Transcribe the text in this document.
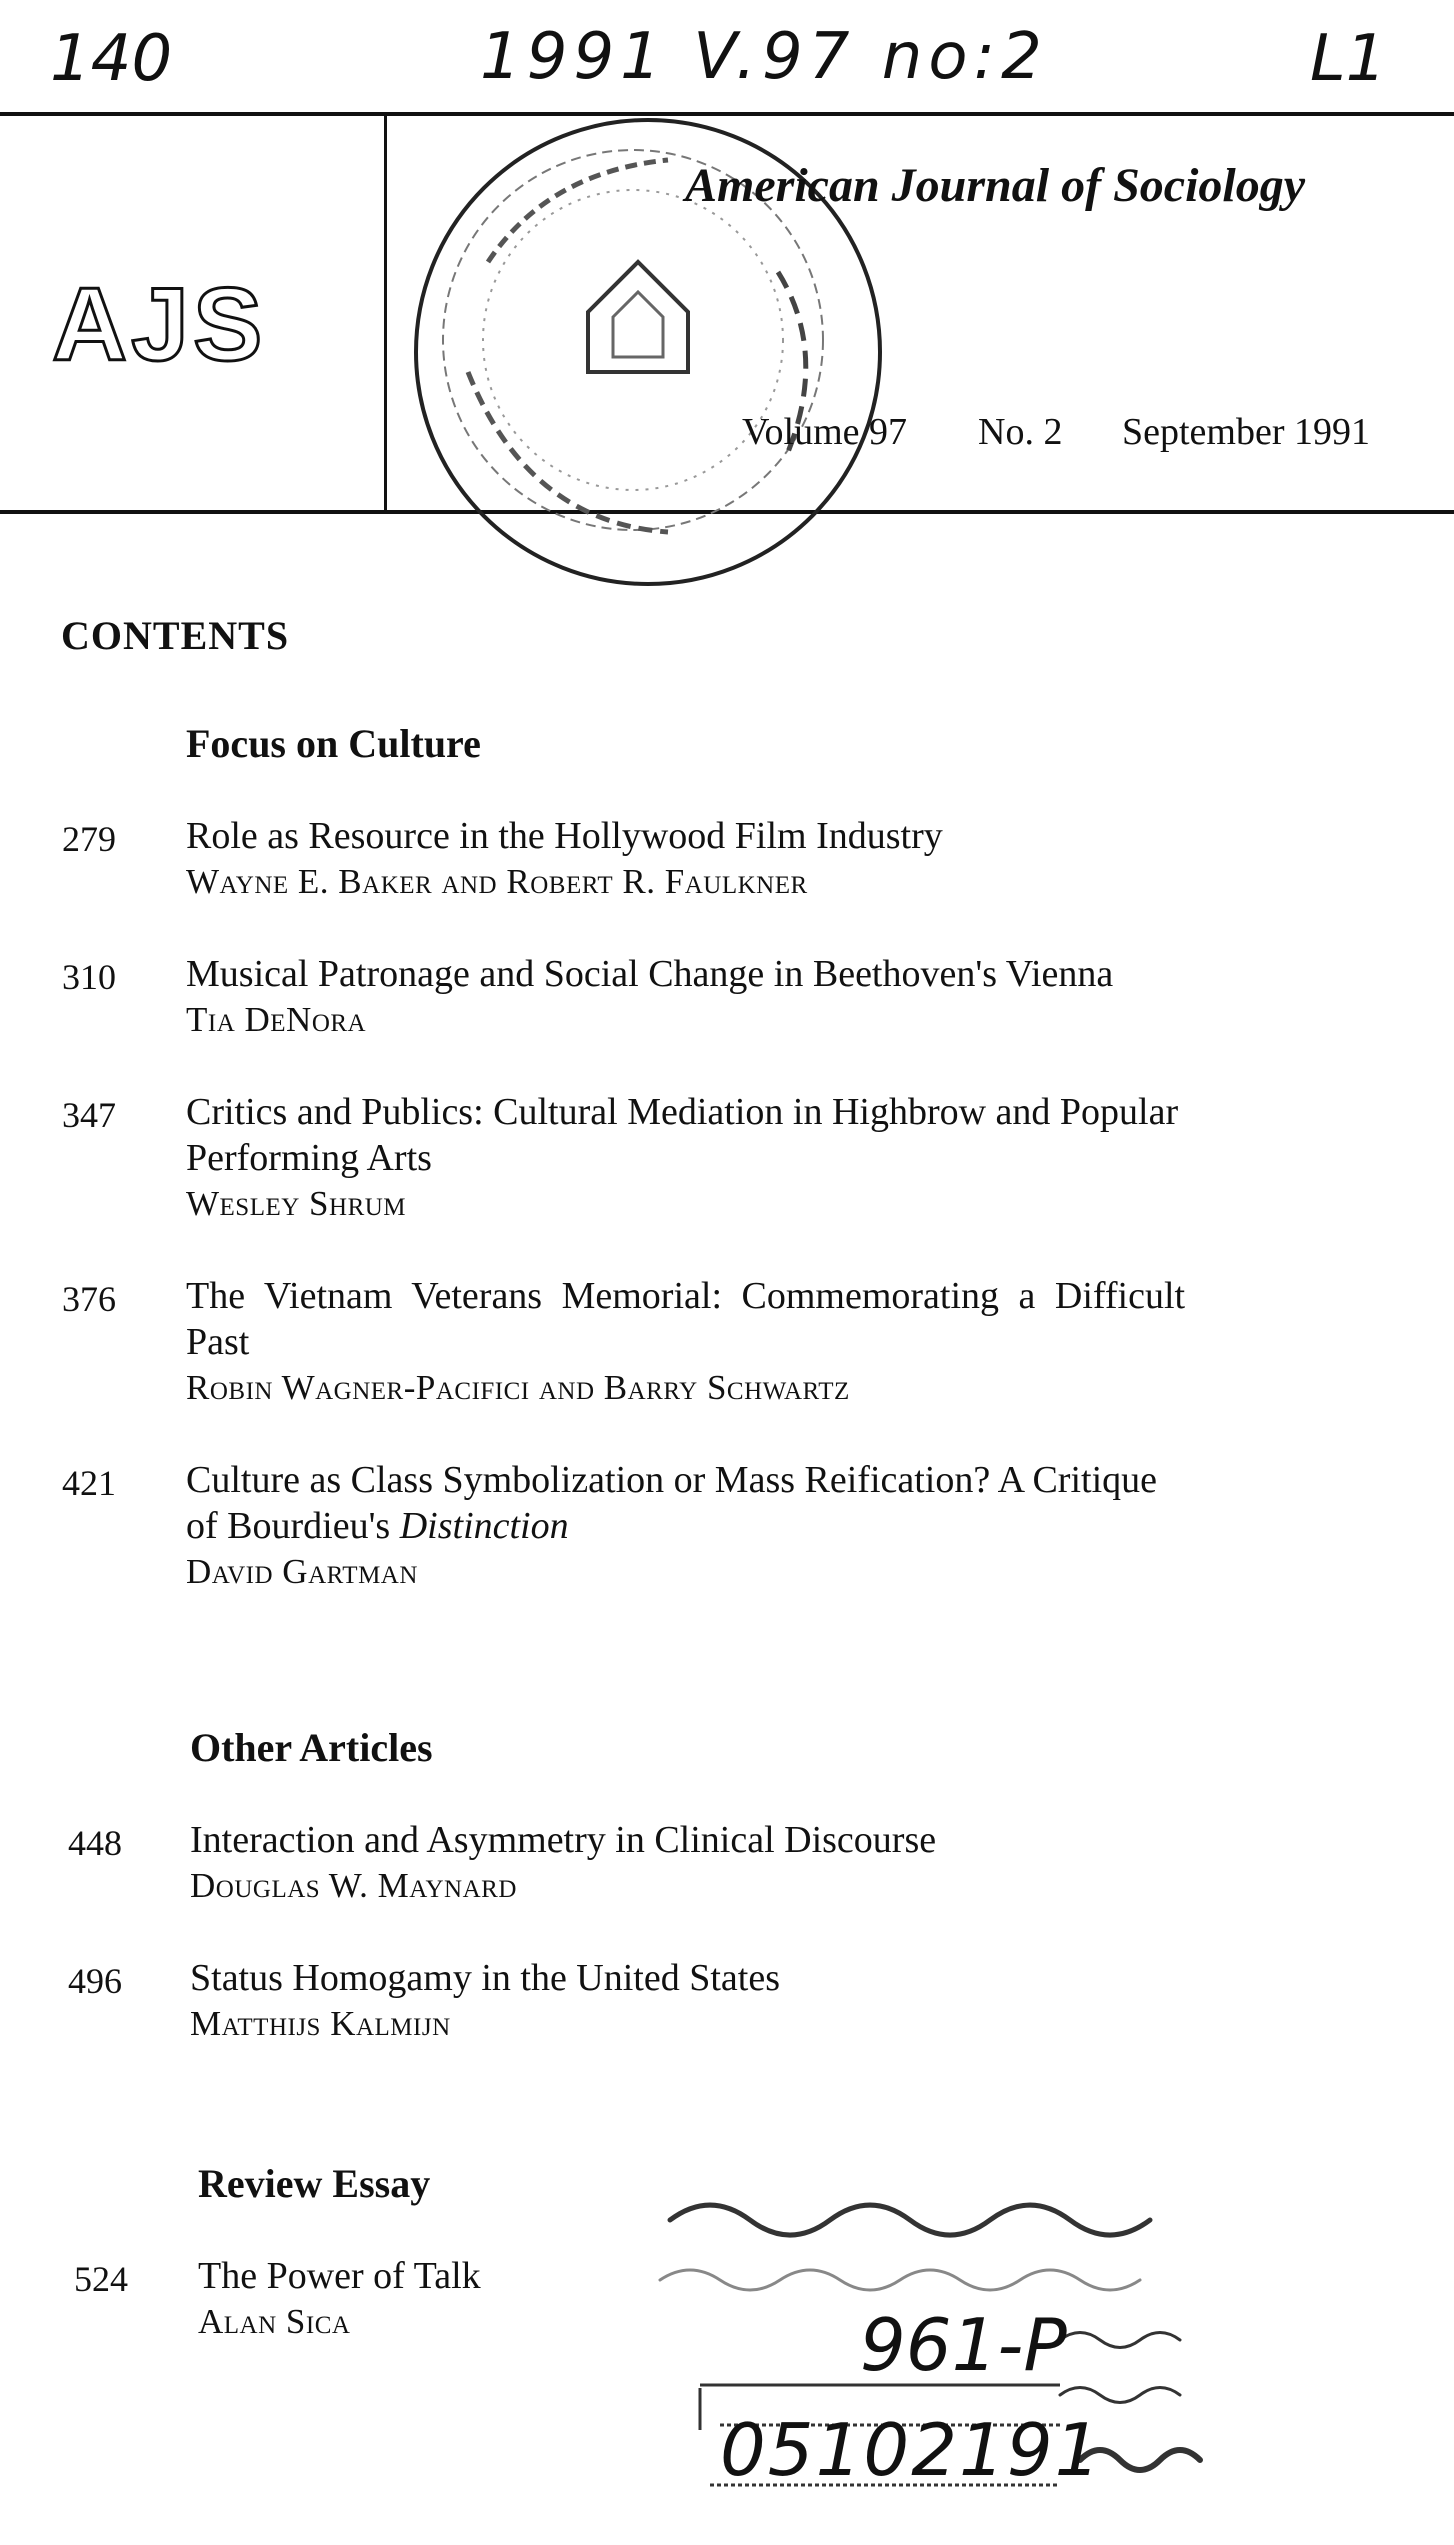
140	1991 V.97 no:2	L1
AJS
American Journal of Sociology
Volume 97 No. 2 September 1991
CONTENTS
Focus on Culture
279 Role as Resource in the Hollywood Film Industry
Wayne E. Baker and Robert R. Faulkner
310 Musical Patronage and Social Change in Beethoven's Vienna
Tia DeNora
347 Critics and Publics: Cultural Mediation in Highbrow and Popular
Performing Arts
Wesley Shrum
376 The Vietnam Veterans Memorial: Commemorating a Difficult
Past
Robin Wagner-Pacifici and Barry Schwartz
421 Culture as Class Symbolization or Mass Reification? A Critique
of Bourdieu's Distinction
David Gartman
Other Articles
448 Interaction and Asymmetry in Clinical Discourse
Douglas W. Maynard
496 Status Homogamy in the United States
Matthijs Kalmijn
Review Essay
524 The Power of Talk
Alan Sica	961-P
05102191
